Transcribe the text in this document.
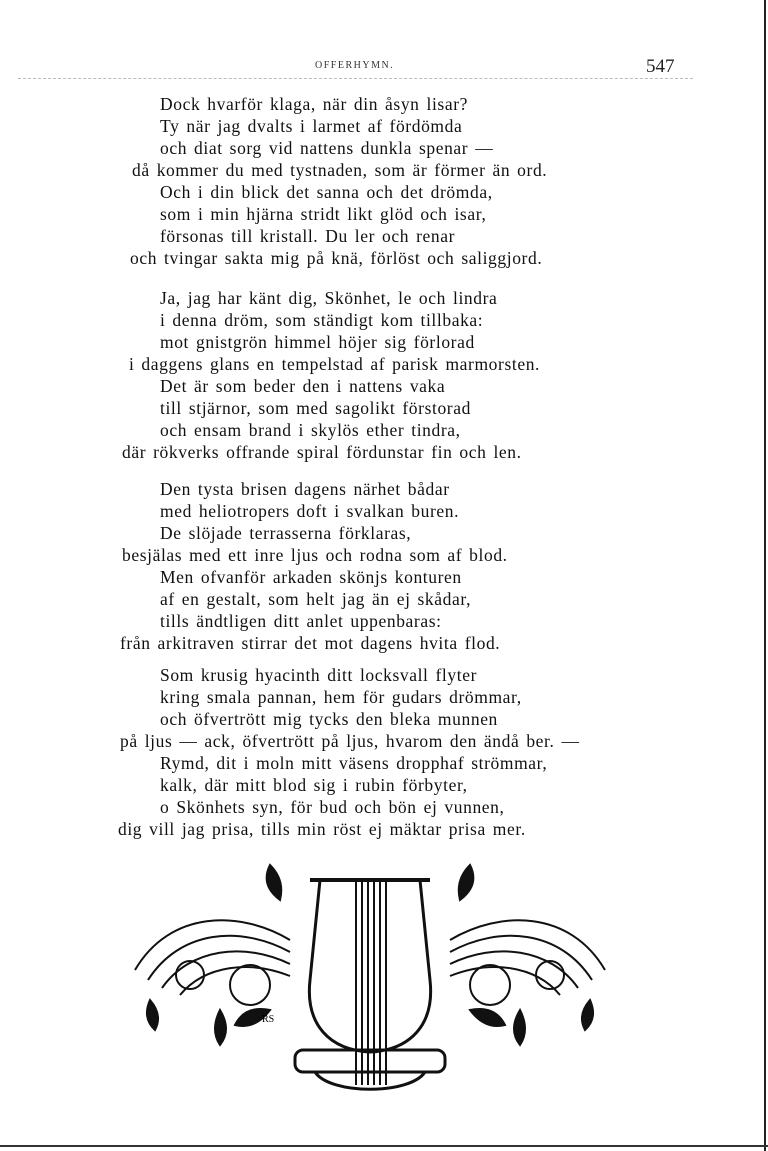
OFFERHYMN.	547
Dock hvarför klaga, när din åsyn lisar?
Ty när jag dvalts i larmet af fördömda
och diat sorg vid nattens dunkla spenar —
då kommer du med tystnaden, som är förmer än ord.
Och i din blick det sanna och det drömda,
som i min hjärna stridt likt glöd och isar,
försonas till kristall. Du ler och renar
och tvingar sakta mig på knä, förlöst och saliggjord.
Ja, jag har känt dig, Skönhet, le och lindra
i denna dröm, som ständigt kom tillbaka:
mot gnistgrön himmel höjer sig förlorad
i daggens glans en tempelstad af parisk marmorsten.
Det är som beder den i nattens vaka
till stjärnor, som med sagolikt förstorad
och ensam brand i skylös ether tindra,
där rökverks offrande spiral fördunstar fin och len.
Den tysta brisen dagens närhet bådar
med heliotropers doft i svalkan buren.
De slöjade terrasserna förklaras,
besjälas med ett inre ljus och rodna som af blod.
Men ofvanför arkaden skönjs konturen
af en gestalt, som helt jag än ej skådar,
tills ändtligen ditt anlet uppenbaras:
från arkitraven stirrar det mot dagens hvita flod.
Som krusig hyacinth ditt locksvall flyter
kring smala pannan, hem för gudars drömmar,
och öfvertrött mig tycks den bleka munnen
på ljus — ack, öfvertrött på ljus, hvarom den ändå ber. —
Rymd, dit i moln mitt väsens dropphaf strömmar,
kalk, där mitt blod sig i rubin förbyter,
o Skönhets syn, för bud och bön ej vunnen,
dig vill jag prisa, tills min röst ej mäktar prisa mer.
RS
